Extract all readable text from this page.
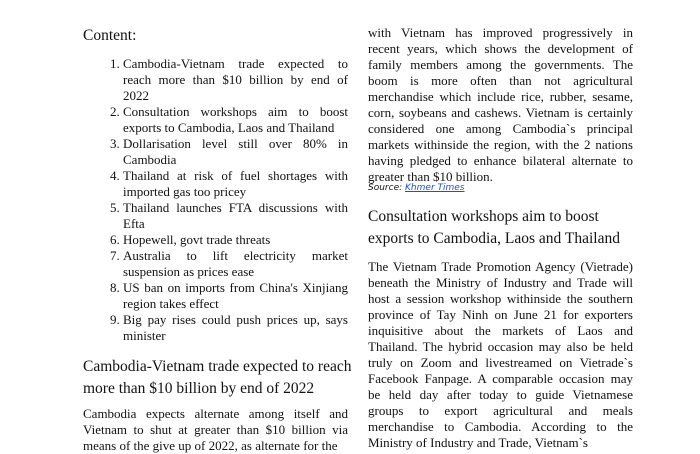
Content:
1. Cambodia-Vietnam trade expected to reach more than $10 billion by end of 2022
2. Consultation workshops aim to boost exports to Cambodia, Laos and Thailand
3. Dollarisation level still over 80% in Cambodia
4. Thailand at risk of fuel shortages with imported gas too pricey
5. Thailand launches FTA discussions with Efta
6. Hopewell, govt trade threats
7. Australia to lift electricity market suspension as prices ease
8. US ban on imports from China's Xinjiang region takes effect
9. Big pay rises could push prices up, says minister
Cambodia-Vietnam trade expected to reach more than $10 billion by end of 2022

Cambodia expects alternate among itself and Vietnam to shut at greater than $10 billion via means of the give up of 2022, as alternate for the

with Vietnam has improved progressively in recent years, which shows the development of family members among the governments. The boom is more often than not agricultural merchandise which include rice, rubber, sesame, corn, soybeans and cashews. Vietnam is certainly considered one among Cambodia`s principal markets withinside the region, with the 2 nations having pledged to enhance bilateral alternate to greater than $10 billion.

Source: Khmer Times
Consultation workshops aim to boost exports to Cambodia, Laos and Thailand

The Vietnam Trade Promotion Agency (Vietrade) beneath the Ministry of Industry and Trade will host a session workshop withinside the southern province of Tay Ninh on June 21 for exporters inquisitive about the markets of Laos and Thailand. The hybrid occasion may also be held truly on Zoom and livestreamed on Vietrade`s Facebook Fanpage. A comparable occasion may be held day after today to guide Vietnamese groups to export agricultural and meals merchandise to Cambodia. According to the Ministry of Industry and Trade, Vietnam`s
